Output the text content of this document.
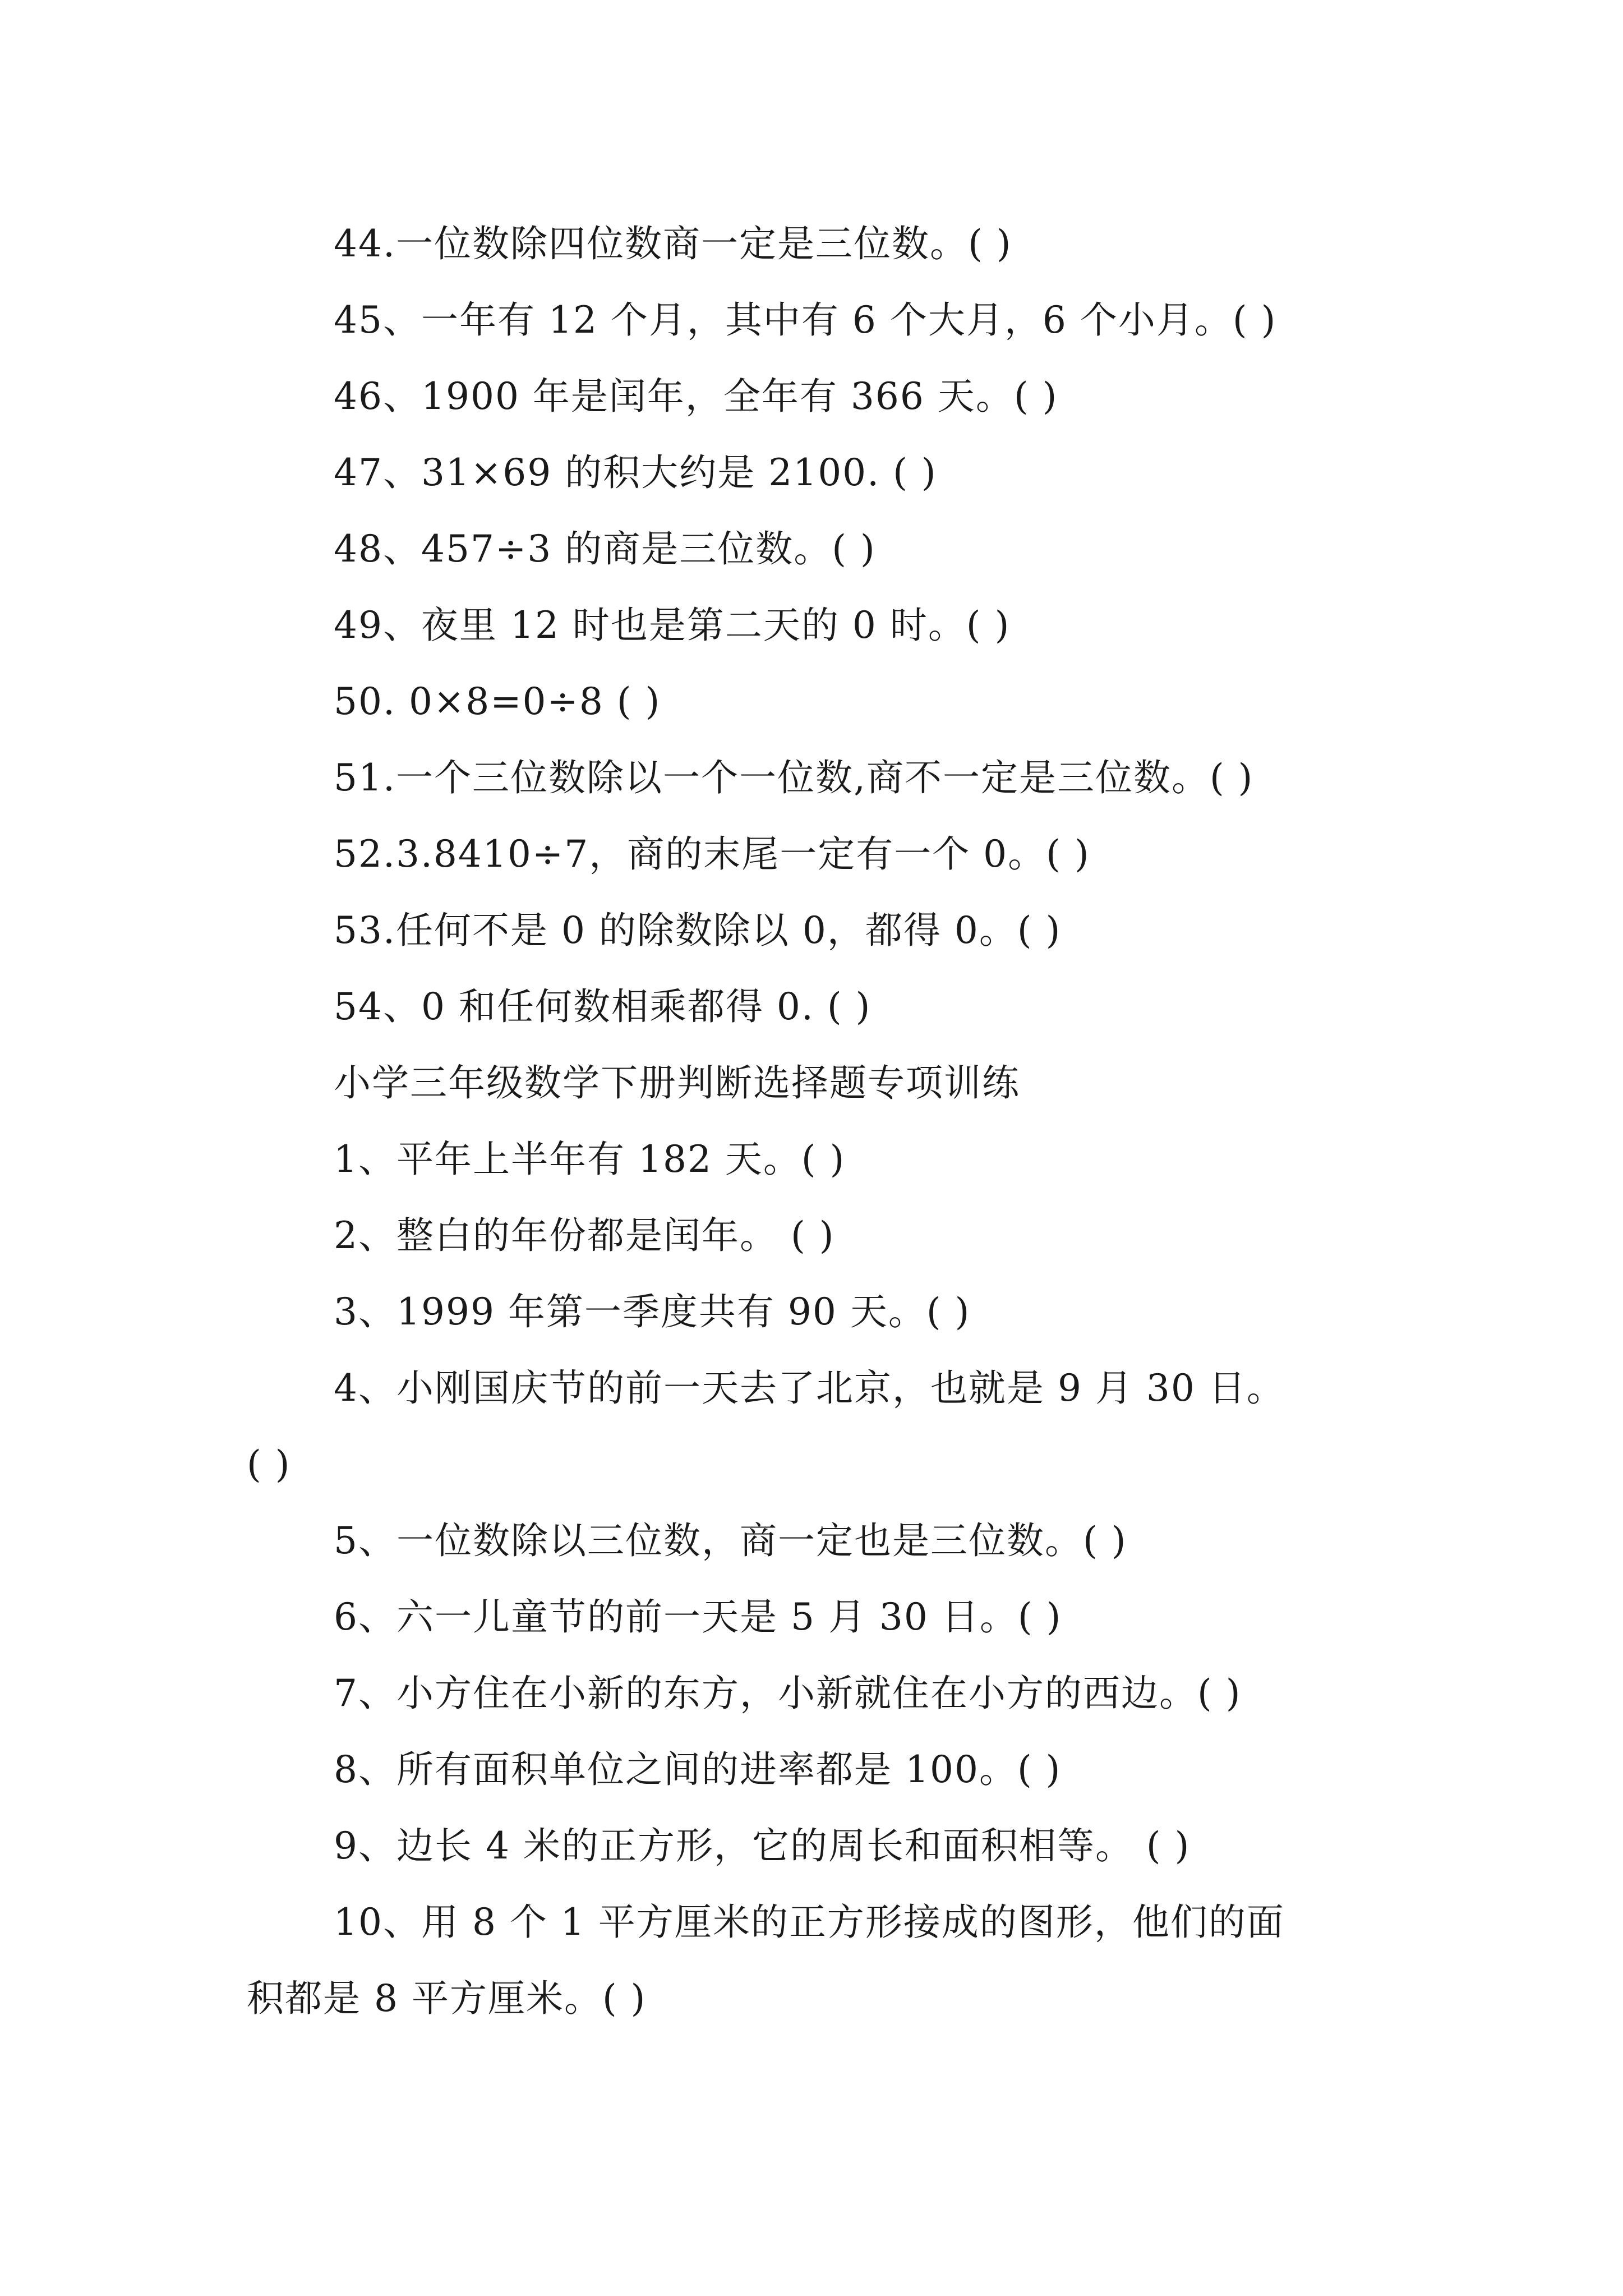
44.一位数除四位数商一定是三位数。( )
45、一年有 12 个月，其中有 6 个大月，6 个小月。( )
46、1900 年是闰年，全年有 366 天。( )
47、31×69 的积大约是 2100. ( )
48、457÷3 的商是三位数。( )
49、夜里 12 时也是第二天的 0 时。( )
50. 0×8=0÷8 ( )
51.一个三位数除以一个一位数,商不一定是三位数。( )
52.3.8410÷7，商的末尾一定有一个 0。( )
53.任何不是 0 的除数除以 0，都得 0。( )
54、0 和任何数相乘都得 0. ( )
小学三年级数学下册判断选择题专项训练
1、平年上半年有 182 天。( )
2、整白的年份都是闰年。 ( )
3、1999 年第一季度共有 90 天。( )
4、小刚国庆节的前一天去了北京，也就是 9 月 30 日。
( )
5、一位数除以三位数，商一定也是三位数。( )
6、六一儿童节的前一天是 5 月 30 日。( )
7、小方住在小新的东方，小新就住在小方的西边。( )
8、所有面积单位之间的进率都是 100。( )
9、边长 4 米的正方形，它的周长和面积相等。 ( )
10、用 8 个 1 平方厘米的正方形接成的图形，他们的面
积都是 8 平方厘米。( )
